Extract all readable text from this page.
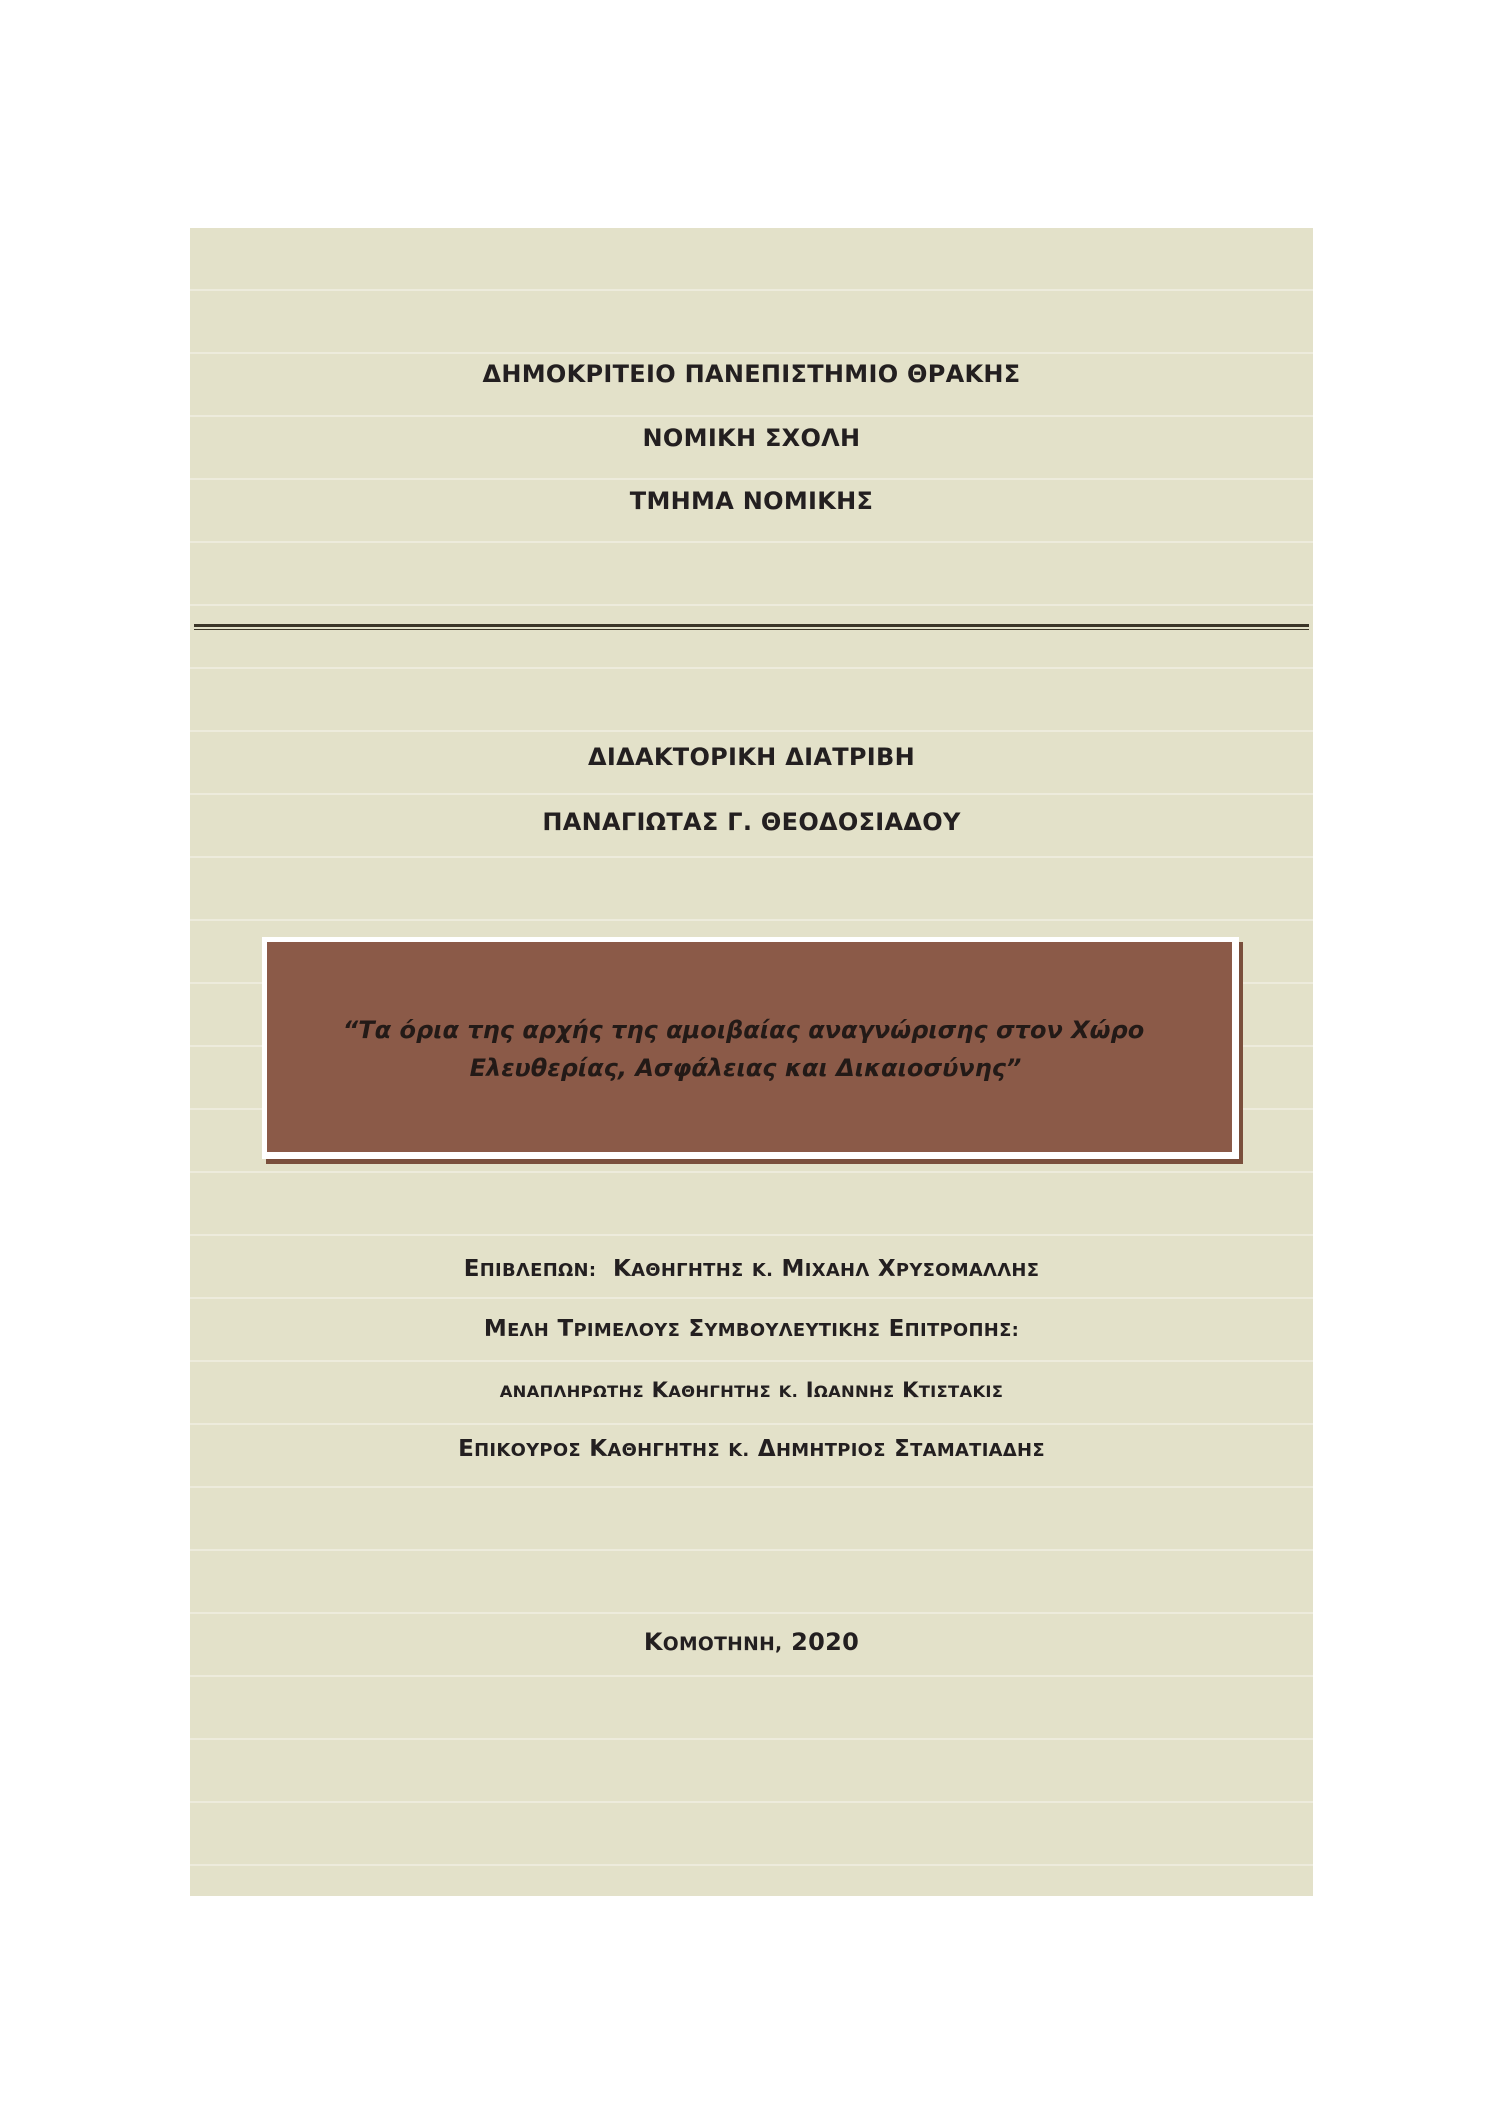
ΔΗΜΟΚΡΙΤΕΙΟ ΠΑΝΕΠΙΣΤΗΜΙΟ ΘΡΑΚΗΣ
ΝΟΜΙΚΗ ΣΧΟΛΗ
ΤΜΗΜΑ ΝΟΜΙΚΗΣ
ΔΙΔΑΚΤΟΡΙΚΗ ΔΙΑΤΡΙΒΗ
ΠΑΝΑΓΙΩΤΑΣ Γ. ΘΕΟΔΟΣΙΑΔΟΥ
“Τα όρια της αρχής της αμοιβαίας αναγνώρισης στον Χώρο
Ελευθερίας, Ασφάλειας και Δικαιοσύνης”
ΕΠΙΒΛΕΠΩΝ: ΚΑΘΗΓΗΤΗΣ Κ. ΜΙΧΑΗΛ ΧΡΥΣΟΜΑΛΛΗΣ
ΜΕΛΗ ΤΡΙΜΕΛΟΥΣ ΣΥΜΒΟΥΛΕΥΤΙΚΗΣ ΕΠΙΤΡΟΠΗΣ:
ΑΝΑΠΛΗΡΩΤΗΣ ΚΑΘΗΓΗΤΗΣ Κ. ΙΩΑΝΝΗΣ ΚΤΙΣΤΑΚΙΣ
ΕΠΙΚΟΥΡΟΣ ΚΑΘΗΓΗΤΗΣ Κ. ΔΗΜΗΤΡΙΟΣ ΣΤΑΜΑΤΙΑΔΗΣ
ΚΟΜΟΤΗΝΗ, 2020
